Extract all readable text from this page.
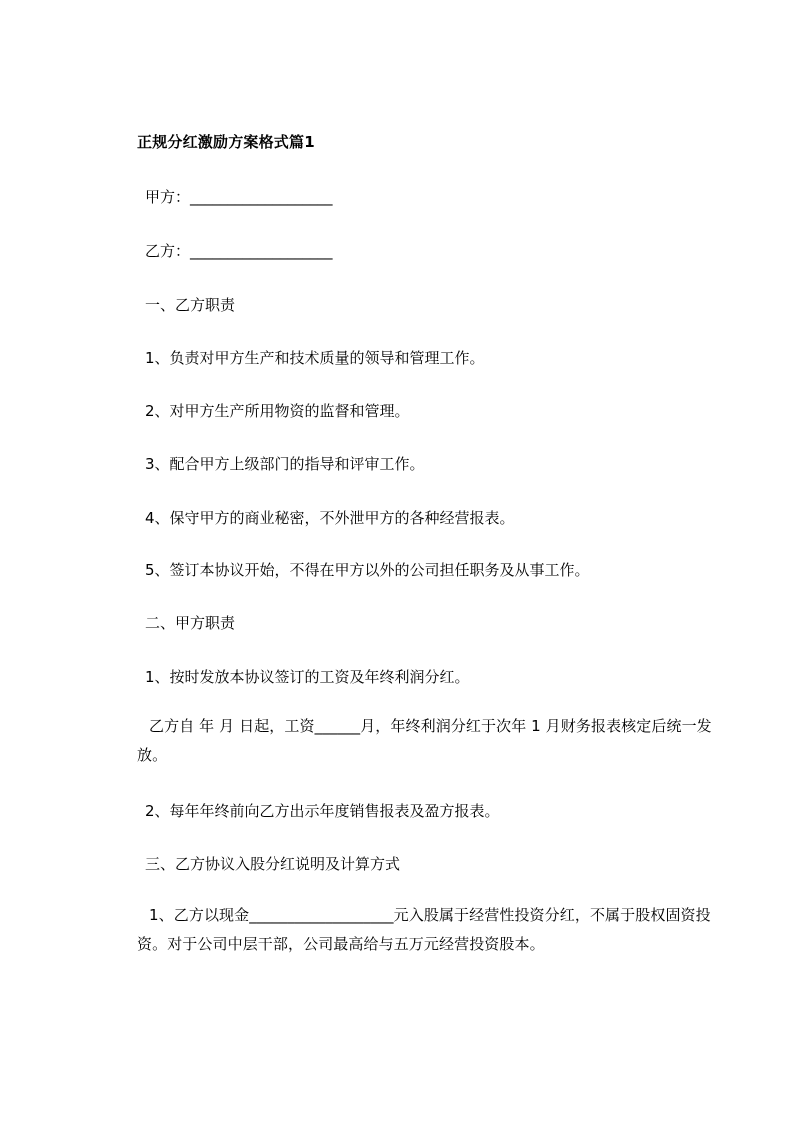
正规分红激励方案格式篇1
甲方：___________________
乙方：___________________
一、乙方职责
1、负责对甲方生产和技术质量的领导和管理工作。
2、对甲方生产所用物资的监督和管理。
3、配合甲方上级部门的指导和评审工作。
4、保守甲方的商业秘密，不外泄甲方的各种经营报表。
5、签订本协议开始，不得在甲方以外的公司担任职务及从事工作。
二、甲方职责
1、按时发放本协议签订的工资及年终利润分红。
乙方自 年 月 日起，工资______月，年终利润分红于次年 1 月财务报表核定后统一发放。
2、每年年终前向乙方出示年度销售报表及盈方报表。
三、乙方协议入股分红说明及计算方式
1、乙方以现金___________________元入股属于经营性投资分红，不属于股权固资投资。对于公司中层干部，公司最高给与五万元经营投资股本。
